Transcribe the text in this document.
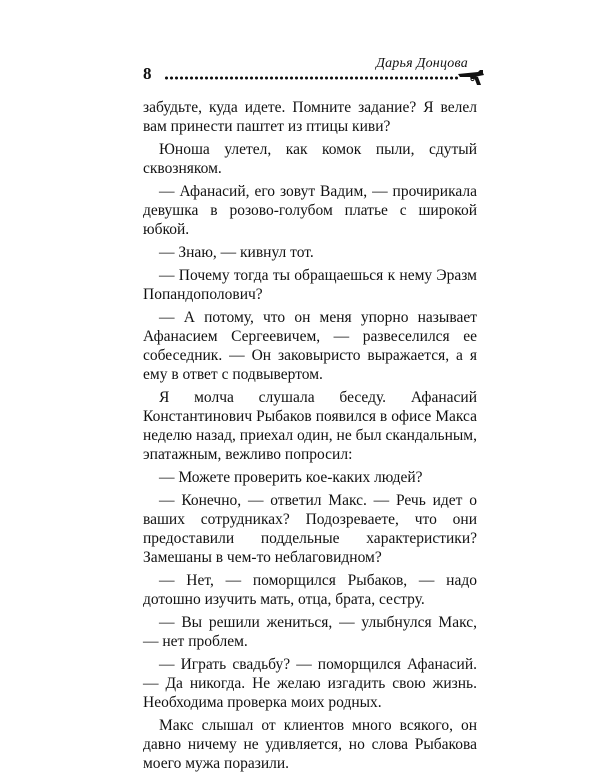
8
Дарья Донцова

забудьте, куда идете. Помните задание? Я велел вам принести паштет из птицы киви?

Юноша улетел, как комок пыли, сдутый сквозняком.

— Афанасий, его зовут Вадим, — прочирикала девушка в розово-голубом платье с широкой юбкой.

— Знаю, — кивнул тот.

— Почему тогда ты обращаешься к нему Эразм Попандополович?

— А потому, что он меня упорно называет Афанасием Сергеевичем, — развеселился ее собеседник. — Он заковыристо выражается, а я ему в ответ с подвывертом.

Я молча слушала беседу. Афанасий Константинович Рыбаков появился в офисе Макса неделю назад, приехал один, не был скандальным, эпатажным, вежливо попросил:

— Можете проверить кое-каких людей?

— Конечно, — ответил Макс. — Речь идет о ваших сотрудниках? Подозреваете, что они предоставили поддельные характеристики? Замешаны в чем-то неблаговидном?

— Нет, — поморщился Рыбаков, — надо дотошно изучить мать, отца, брата, сестру.

— Вы решили жениться, — улыбнулся Макс, — нет проблем.

— Играть свадьбу? — поморщился Афанасий. — Да никогда. Не желаю изгадить свою жизнь. Необходима проверка моих родных.

Макс слышал от клиентов много всякого, он давно ничему не удивляется, но слова Рыбакова моего мужа поразили.
